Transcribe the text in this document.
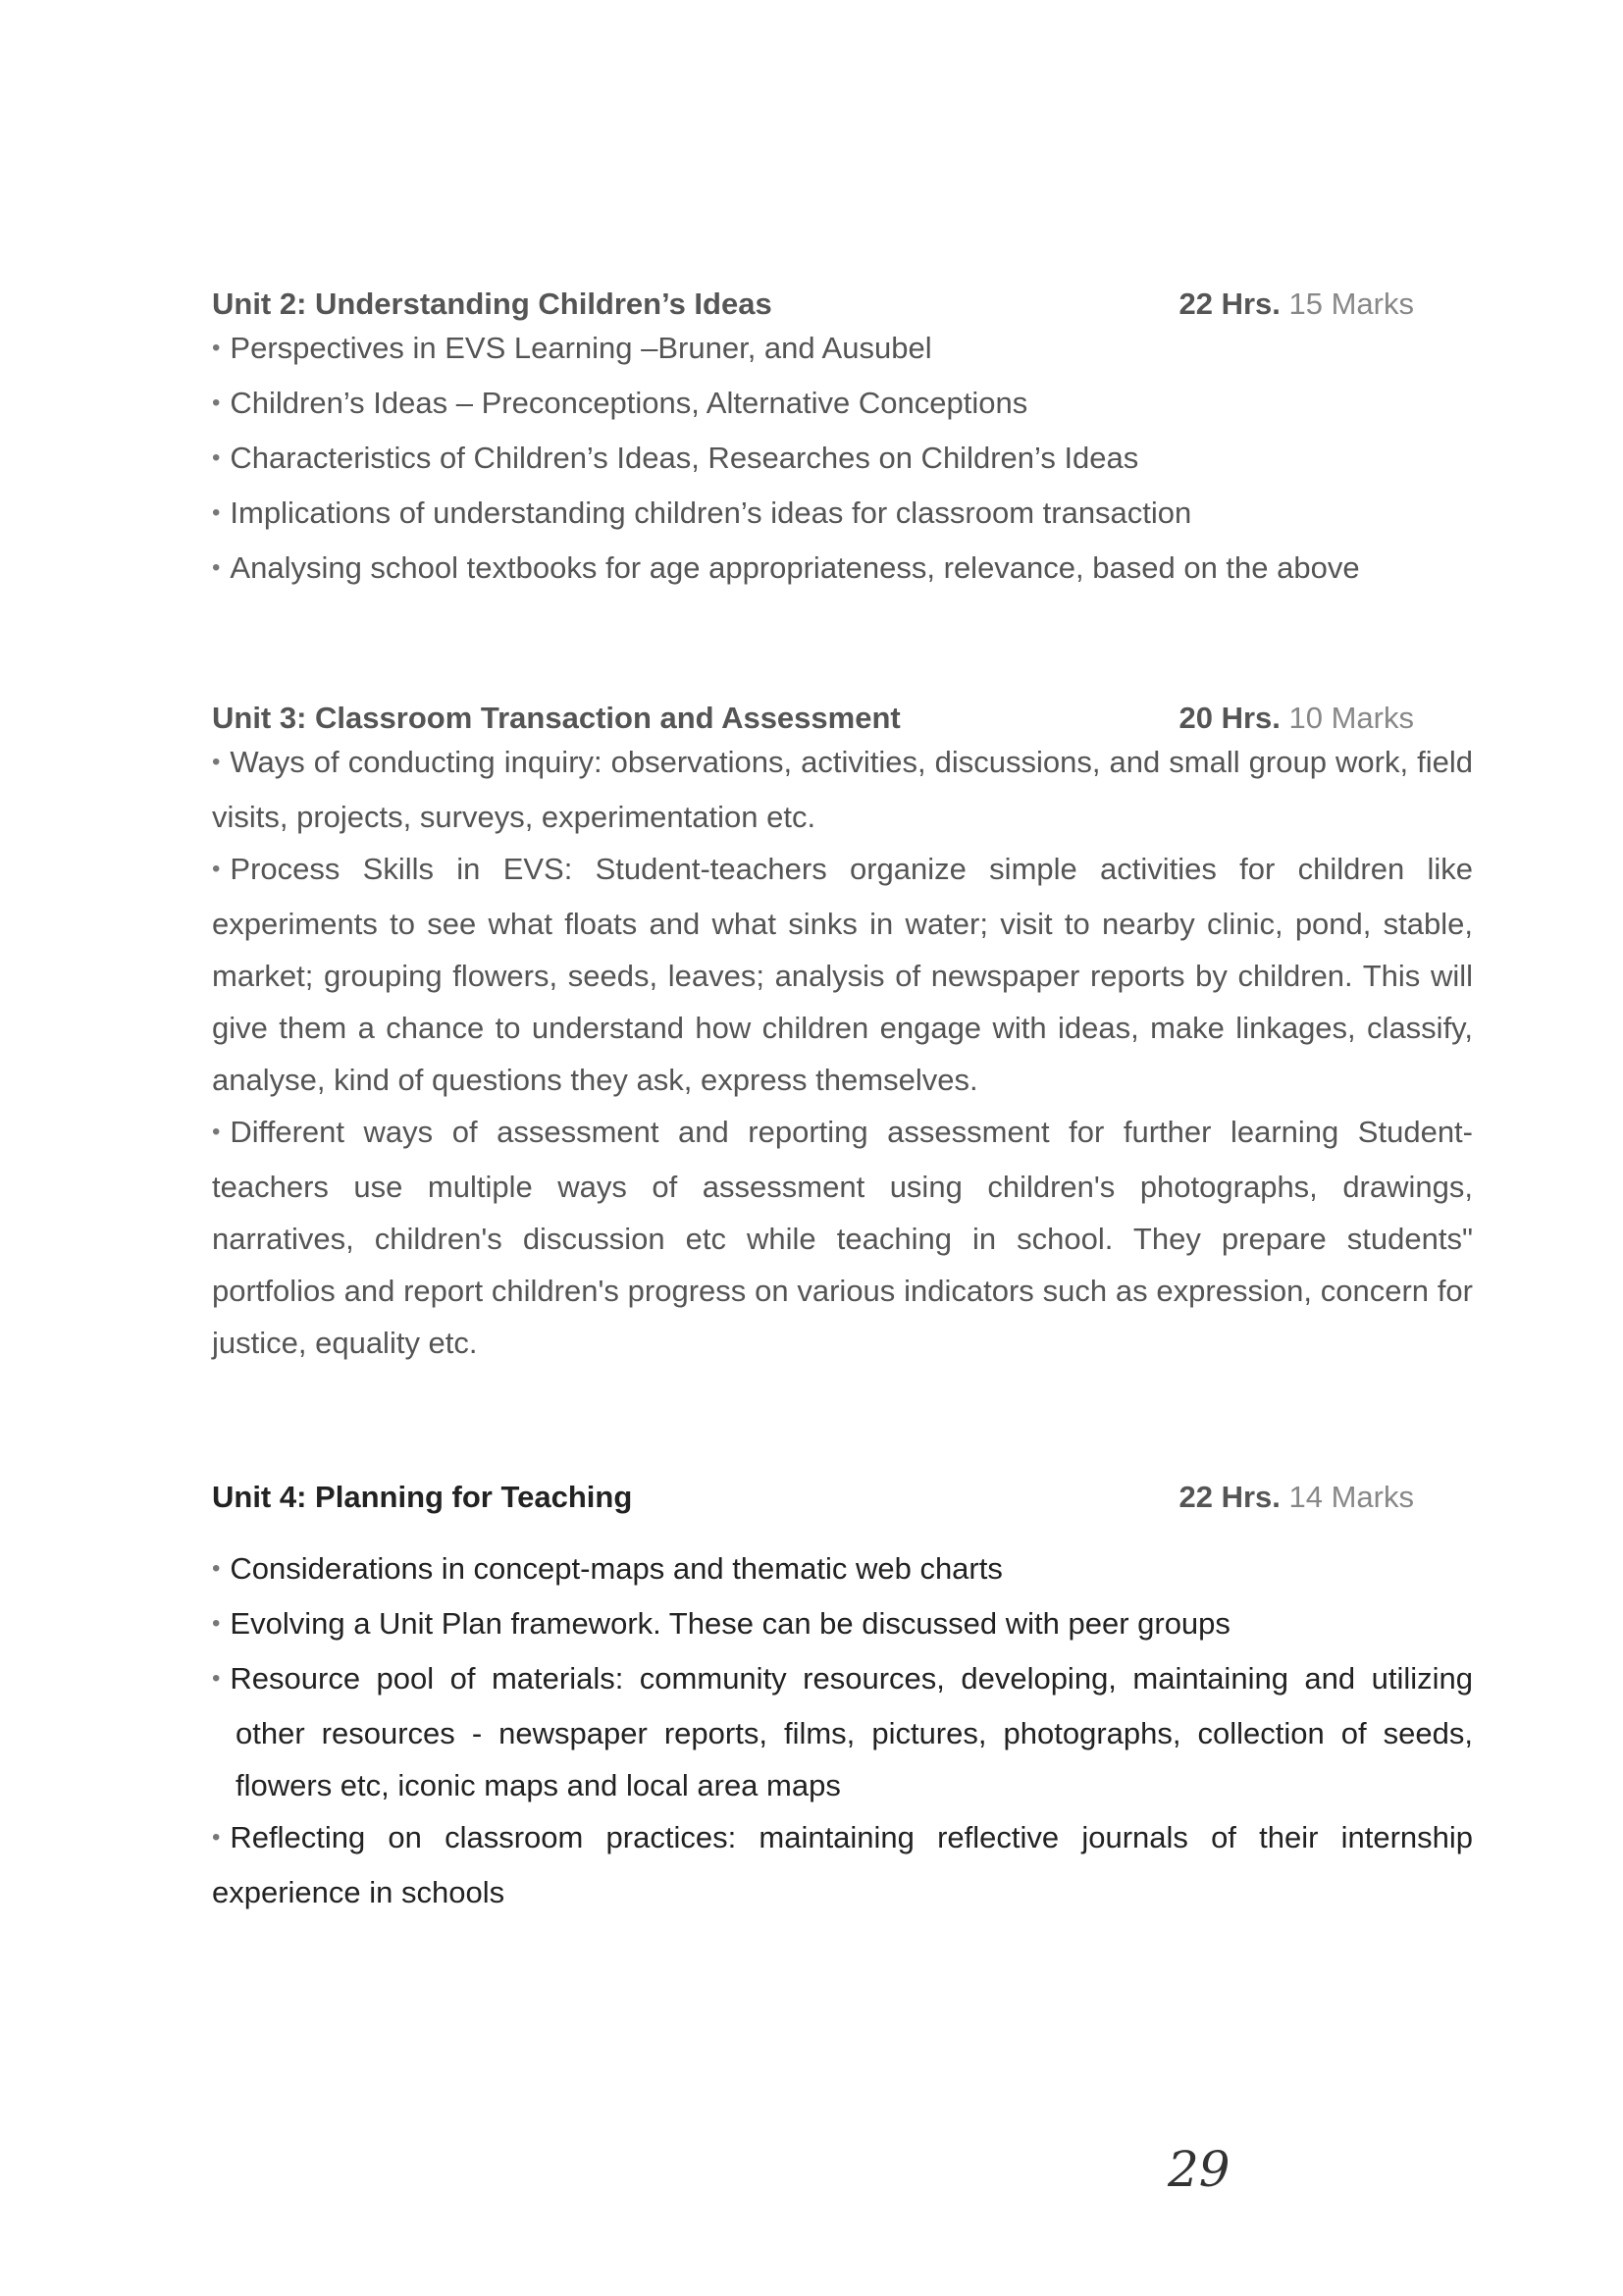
Unit 2: Understanding Children’s Ideas	22 Hrs. 15 Marks
• Perspectives in EVS Learning –Bruner, and Ausubel
• Children’s Ideas – Preconceptions, Alternative Conceptions
• Characteristics of Children’s Ideas, Researches on Children’s Ideas
• Implications of understanding children’s ideas for classroom transaction
• Analysing school textbooks for age appropriateness, relevance, based on the above
Unit 3: Classroom Transaction and Assessment	20 Hrs. 10 Marks
• Ways of conducting inquiry: observations, activities, discussions, and small group work, field visits, projects, surveys, experimentation etc.
• Process Skills in EVS: Student-teachers organize simple activities for children like experiments to see what floats and what sinks in water; visit to nearby clinic, pond, stable, market; grouping flowers, seeds, leaves; analysis of newspaper reports by children. This will give them a chance to understand how children engage with ideas, make linkages, classify, analyse, kind of questions they ask, express themselves.
• Different ways of assessment and reporting assessment for further learning Student-teachers use multiple ways of assessment using children's photographs, drawings, narratives, children's discussion etc while teaching in school. They prepare students" portfolios and report children's progress on various indicators such as expression, concern for justice, equality etc.
Unit 4: Planning for Teaching	22 Hrs. 14 Marks
• Considerations in concept-maps and thematic web charts
• Evolving a Unit Plan framework. These can be discussed with peer groups
• Resource pool of materials: community resources, developing, maintaining and utilizing other resources - newspaper reports, films, pictures, photographs, collection of seeds, flowers etc, iconic maps and local area maps
• Reflecting on classroom practices: maintaining reflective journals of their internship experience in schools
29
